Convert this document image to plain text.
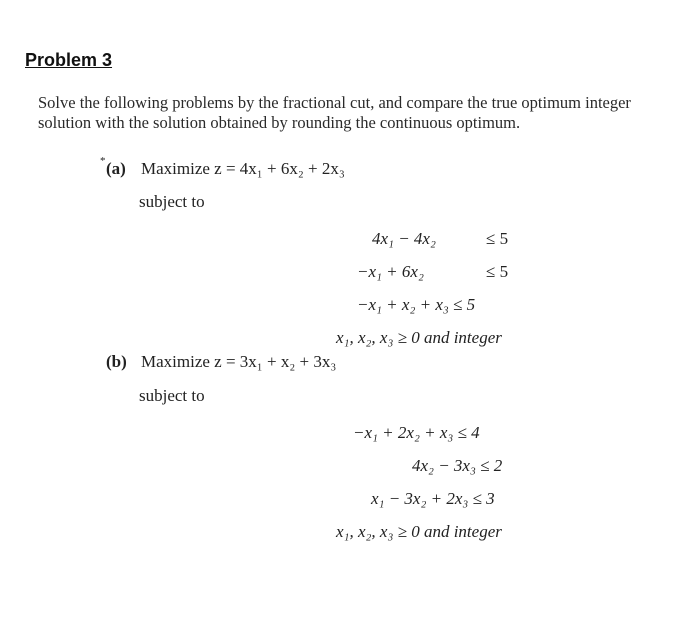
Problem 3
Solve the following problems by the fractional cut, and compare the true optimum integer solution with the solution obtained by rounding the continuous optimum.
* (a) Maximize z = 4x₁ + 6x₂ + 2x₃
subject to
4x₁ − 4x₂	≤ 5
−x₁ + 6x₂	≤ 5
−x₁ + x₂ + x₃ ≤ 5
x₁, x₂, x₃ ≥ 0 and integer
(b) Maximize z = 3x₁ + x₂ + 3x₃
subject to
−x₁ + 2x₂ + x₃ ≤ 4
4x₂ − 3x₃ ≤ 2
x₁ − 3x₂ + 2x₃ ≤ 3
x₁, x₂, x₃ ≥ 0 and integer
